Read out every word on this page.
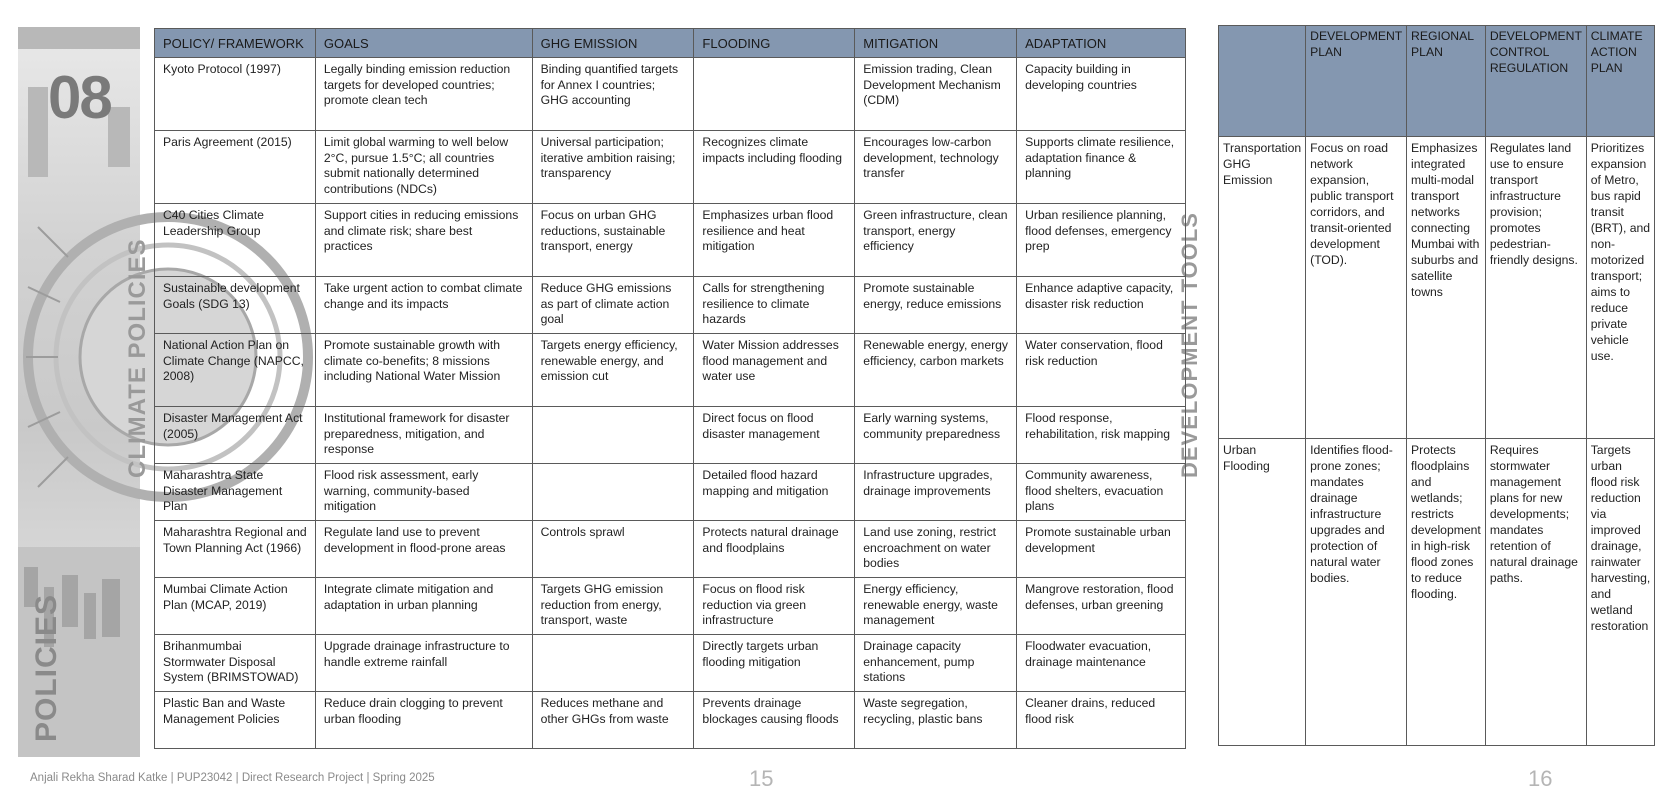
08
POLICIES
CLIMATE POLICIES	DEVELOPMENT TOOLS
POLICY/ FRAMEWORK	GOALS	GHG EMISSION	FLOODING	MITIGATION	ADAPTATION
Kyoto Protocol (1997)	Legally binding emission reduction targets for developed countries; promote clean tech	Binding quantified targets for Annex I countries; GHG accounting		Emission trading, Clean Development Mechanism (CDM)	Capacity building in developing countries
Paris Agreement (2015)	Limit global warming to well below 2°C, pursue 1.5°C; all countries submit nationally determined contributions (NDCs)	Universal participation; iterative ambition raising; transparency	Recognizes climate impacts including flooding	Encourages low-carbon development, technology transfer	Supports climate resilience, adaptation finance & planning
C40 Cities Climate Leadership Group	Support cities in reducing emissions and climate risk; share best practices	Focus on urban GHG reductions, sustainable transport, energy	Emphasizes urban flood resilience and heat mitigation	Green infrastructure, clean transport, energy efficiency	Urban resilience planning, flood defenses, emergency prep
Sustainable development Goals (SDG 13)	Take urgent action to combat climate change and its impacts	Reduce GHG emissions as part of climate action goal	Calls for strengthening resilience to climate hazards	Promote sustainable energy, reduce emissions	Enhance adaptive capacity, disaster risk reduction
National Action Plan on Climate Change (NAPCC, 2008)	Promote sustainable growth with climate co-benefits; 8 missions including National Water Mission	Targets energy efficiency, renewable energy, and emission cut	Water Mission addresses flood management and water use	Renewable energy, energy efficiency, carbon markets	Water conservation, flood risk reduction
Disaster Management Act (2005)	Institutional framework for disaster preparedness, mitigation, and response		Direct focus on flood disaster management	Early warning systems, community preparedness	Flood response, rehabilitation, risk mapping
Maharashtra State Disaster Management Plan	Flood risk assessment, early warning, community-based mitigation		Detailed flood hazard mapping and mitigation	Infrastructure upgrades, drainage improvements	Community awareness, flood shelters, evacuation plans
Maharashtra Regional and Town Planning Act (1966)	Regulate land use to prevent development in flood-prone areas	Controls sprawl	Protects natural drainage and floodplains	Land use zoning, restrict encroachment on water bodies	Promote sustainable urban development
Mumbai Climate Action Plan (MCAP, 2019)	Integrate climate mitigation and adaptation in urban planning	Targets GHG emission reduction from energy, transport, waste	Focus on flood risk reduction via green infrastructure	Energy efficiency, renewable energy, waste management	Mangrove restoration, flood defenses, urban greening
Brihanmumbai Stormwater Disposal System (BRIMSTOWAD)	Upgrade drainage infrastructure to handle extreme rainfall		Directly targets urban flooding mitigation	Drainage capacity enhancement, pump stations	Floodwater evacuation, drainage maintenance
Plastic Ban and Waste Management Policies	Reduce drain clogging to prevent urban flooding	Reduces methane and other GHGs from waste	Prevents drainage blockages causing floods	Waste segregation, recycling, plastic bans	Cleaner drains, reduced flood risk
	DEVELOPMENT PLAN	REGIONAL PLAN	DEVELOPMENT CONTROL REGULATION	CLIMATE ACTION PLAN
Transportation GHG Emission	Focus on road network expansion, public transport corridors, and transit-oriented development (TOD).	Emphasizes integrated multi-modal transport networks connecting Mumbai with suburbs and satellite towns	Regulates land use to ensure transport infrastructure provision; promotes pedestrian-friendly designs.	Prioritizes expansion of Metro, bus rapid transit (BRT), and non-motorized transport; aims to reduce private vehicle use.
Urban Flooding	Identifies flood-prone zones; mandates drainage infrastructure upgrades and protection of natural water bodies.	Protects floodplains and wetlands; restricts development in high-risk flood zones to reduce flooding.	Requires stormwater management plans for new developments; mandates retention of natural drainage paths.	Targets urban flood risk reduction via improved drainage, rainwater harvesting, and wetland restoration
Anjali Rekha Sharad Katke | PUP23042 | Direct Research Project | Spring 2025	15	16
